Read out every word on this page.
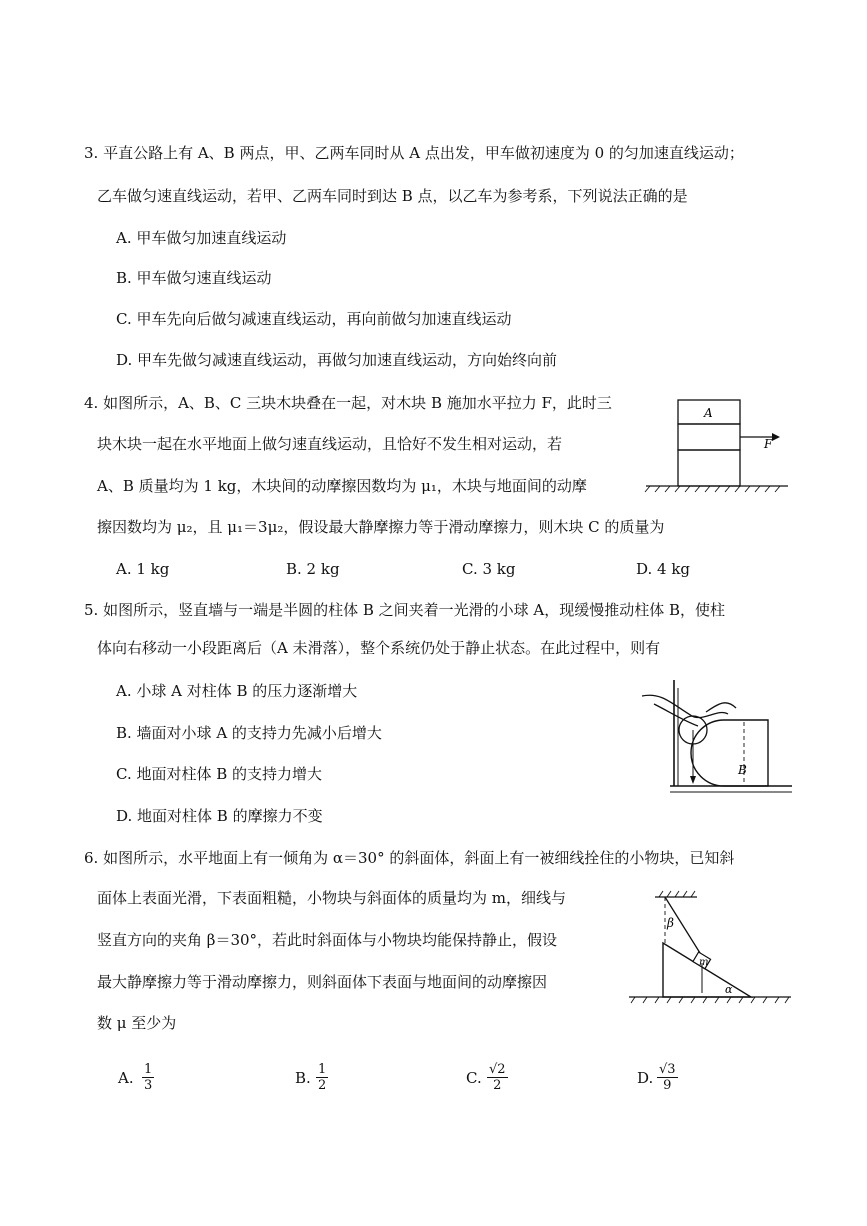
3. 平直公路上有 A、B 两点，甲、乙两车同时从 A 点出发，甲车做初速度为 0 的匀加速直线运动；
乙车做匀速直线运动，若甲、乙两车同时到达 B 点，以乙车为参考系，下列说法正确的是
A. 甲车做匀加速直线运动
B. 甲车做匀速直线运动
C. 甲车先向后做匀减速直线运动，再向前做匀加速直线运动
D. 甲车先做匀减速直线运动，再做匀加速直线运动，方向始终向前
4. 如图所示，A、B、C 三块木块叠在一起，对木块 B 施加水平拉力 F，此时三
块木块一起在水平地面上做匀速直线运动，且恰好不发生相对运动，若
A、B 质量均为 1 kg，木块间的动摩擦因数均为 μ₁，木块与地面间的动摩
擦因数均为 μ₂，且 μ₁＝3μ₂，假设最大静摩擦力等于滑动摩擦力，则木块 C 的质量为
A. 1 kg	B. 2 kg	C. 3 kg	D. 4 kg
A
F
5. 如图所示，竖直墙与一端是半圆的柱体 B 之间夹着一光滑的小球 A，现缓慢推动柱体 B，使柱
体向右移动一小段距离后（A 未滑落），整个系统仍处于静止状态。在此过程中，则有
A. 小球 A 对柱体 B 的压力逐渐增大
B. 墙面对小球 A 的支持力先减小后增大
C. 地面对柱体 B 的支持力增大
D. 地面对柱体 B 的摩擦力不变
B
6. 如图所示，水平地面上有一倾角为 α＝30° 的斜面体，斜面上有一被细线拴住的小物块，已知斜
面体上表面光滑，下表面粗糙，小物块与斜面体的质量均为 m，细线与
竖直方向的夹角 β＝30°，若此时斜面体与小物块均能保持静止，假设
最大静摩擦力等于滑动摩擦力，则斜面体下表面与地面间的动摩擦因
数 μ 至少为
A. $\frac{1}{3}$	B. $\frac{1}{2}$	C. $\frac{√2}{2}$	D. $\frac{√3}{9}$
β
m
α
